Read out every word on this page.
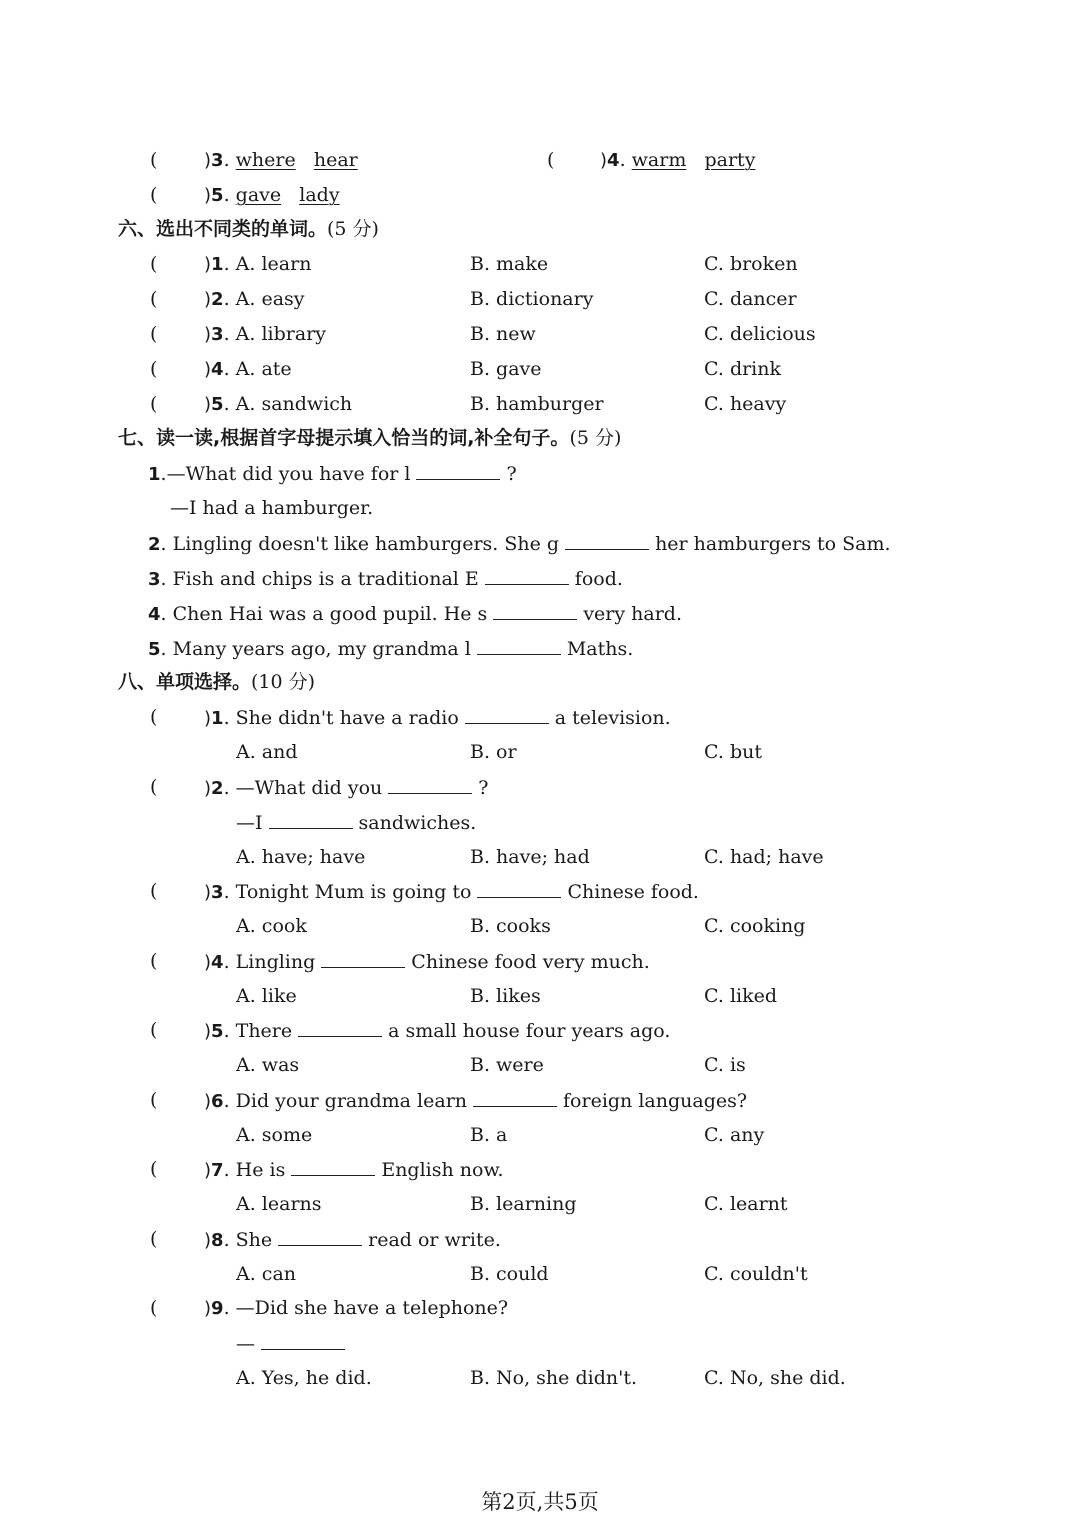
(	)3. where hear	(	)4. warm party
(	)5. gave lady
六、选出不同类的单词。(5 分)
(	)1. A. learn	B. make	C. broken
(	)2. A. easy	B. dictionary	C. dancer
(	)3. A. library	B. new	C. delicious
(	)4. A. ate	B. gave	C. drink
(	)5. A. sandwich	B. hamburger	C. heavy
七、读一读,根据首字母提示填入恰当的词,补全句子。(5 分)
1.—What did you have for l	?
—I had a hamburger.
2. Lingling doesn't like hamburgers. She g	her hamburgers to Sam.
3. Fish and chips is a traditional E	food.
4. Chen Hai was a good pupil. He s	very hard.
5. Many years ago, my grandma l	Maths.
八、单项选择。(10 分)
(	)1. She didn't have a radio	a television.
A. and	B. or	C. but
(	)2. —What did you	?
—I	sandwiches.
A. have; have	B. have; had	C. had; have
(	)3. Tonight Mum is going to	Chinese food.
A. cook	B. cooks	C. cooking
(	)4. Lingling	Chinese food very much.
A. like	B. likes	C. liked
(	)5. There	a small house four years ago.
A. was	B. were	C. is
(	)6. Did your grandma learn	foreign languages?
A. some	B. a	C. any
(	)7. He is	English now.
A. learns	B. learning	C. learnt
(	)8. She	read or write.
A. can	B. could	C. couldn't
(	)9. —Did she have a telephone?
—
A. Yes, he did.	B. No, she didn't.	C. No, she did.
第2页,共5页
